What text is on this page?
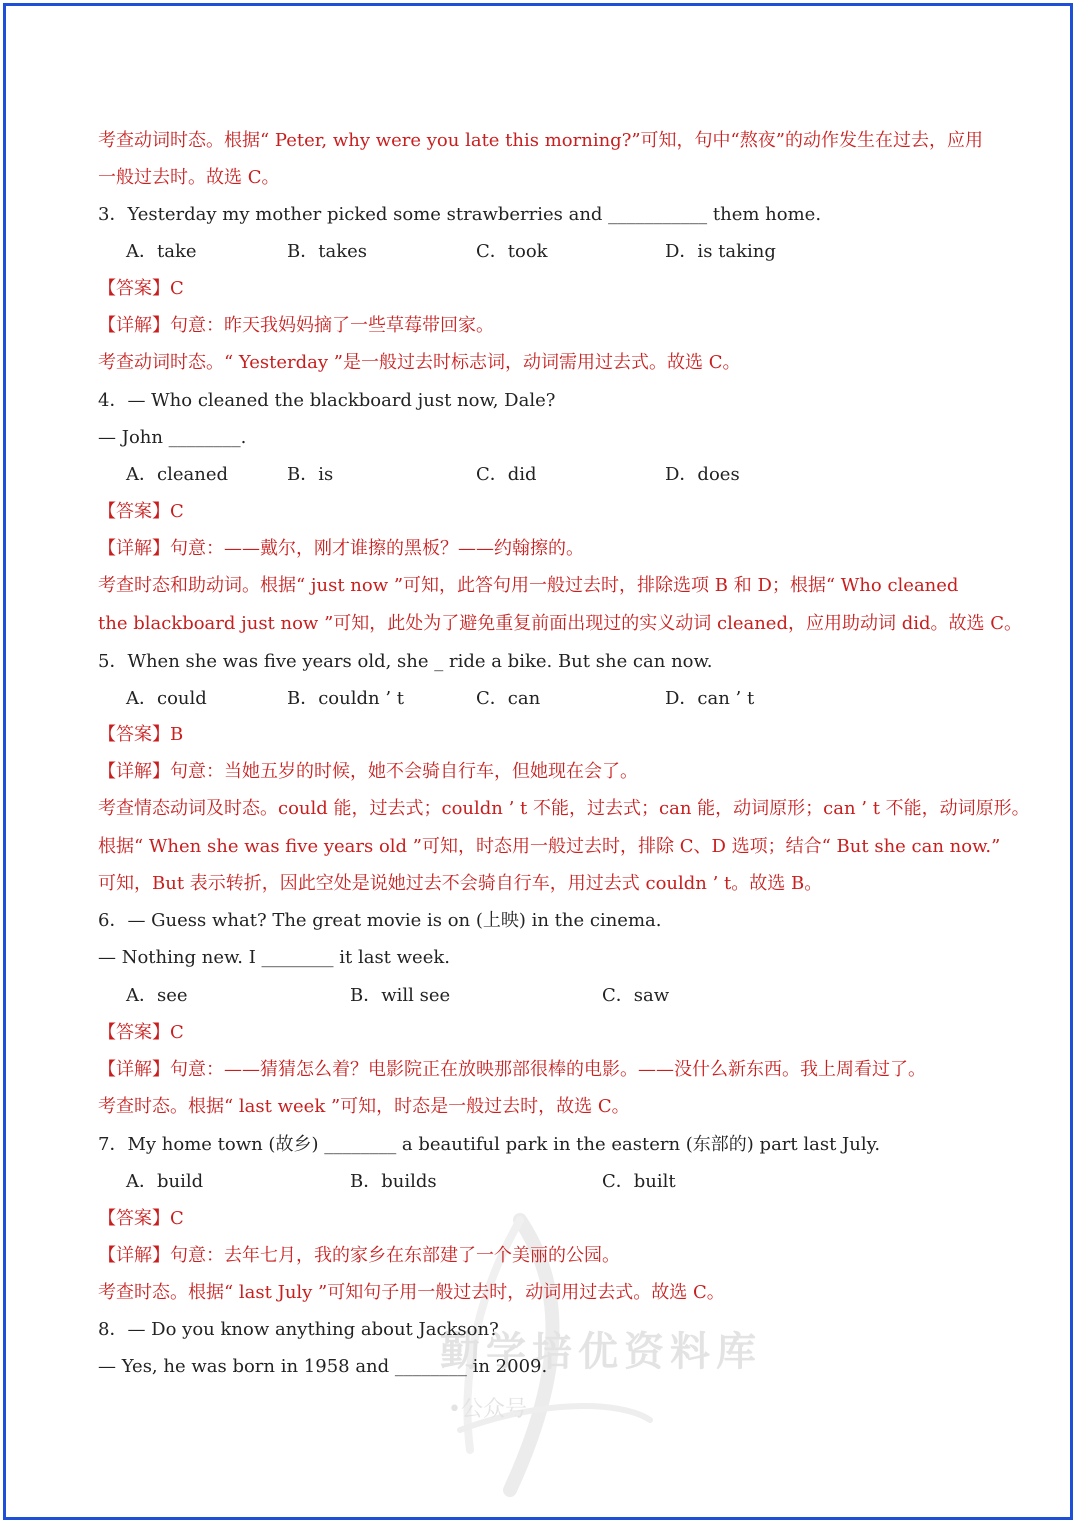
勤学培优资料库
•公众号
考查动词时态。根据“ Peter, why were you late this morning?”可知，句中“熬夜”的动作发生在过去，应用
一般过去时。故选 C。
3．Yesterday my mother picked some strawberries and ___________ them home.
A．take	B．takes	C．took	D．is taking
【答案】C
【详解】句意：昨天我妈妈摘了一些草莓带回家。
考查动词时态。“ Yesterday ”是一般过去时标志词，动词需用过去式。故选 C。
4．— Who cleaned the blackboard just now, Dale?
— John ________.
A．cleaned	B．is	C．did	D．does
【答案】C
【详解】句意：——戴尔，刚才谁擦的黑板？——约翰擦的。
考查时态和助动词。根据“ just now ”可知，此答句用一般过去时，排除选项 B 和 D；根据“ Who cleaned
the blackboard just now ”可知，此处为了避免重复前面出现过的实义动词 cleaned，应用助动词 did。故选 C。
5．When she was five years old, she _ ride a bike. But she can now.
A．could	B．couldn ’ t	C．can	D．can ’ t
【答案】B
【详解】句意：当她五岁的时候，她不会骑自行车，但她现在会了。
考查情态动词及时态。could 能，过去式；couldn ’ t 不能，过去式；can 能，动词原形；can ’ t 不能，动词原形。
根据“ When she was five years old ”可知，时态用一般过去时，排除 C、D 选项；结合“ But she can now.”
可知，But 表示转折，因此空处是说她过去不会骑自行车，用过去式 couldn ’ t。故选 B。
6．— Guess what? The great movie is on (上映) in the cinema.
— Nothing new. I ________ it last week.
A．see	B．will see	C．saw
【答案】C
【详解】句意：——猜猜怎么着？电影院正在放映那部很棒的电影。——没什么新东西。我上周看过了。
考查时态。根据“ last week ”可知，时态是一般过去时，故选 C。
7．My home town (故乡) ________ a beautiful park in the eastern (东部的) part last July.
A．build	B．builds	C．built
【答案】C
【详解】句意：去年七月，我的家乡在东部建了一个美丽的公园。
考查时态。根据“ last July ”可知句子用一般过去时，动词用过去式。故选 C。
8．— Do you know anything about Jackson?
— Yes, he was born in 1958 and ________ in 2009.
